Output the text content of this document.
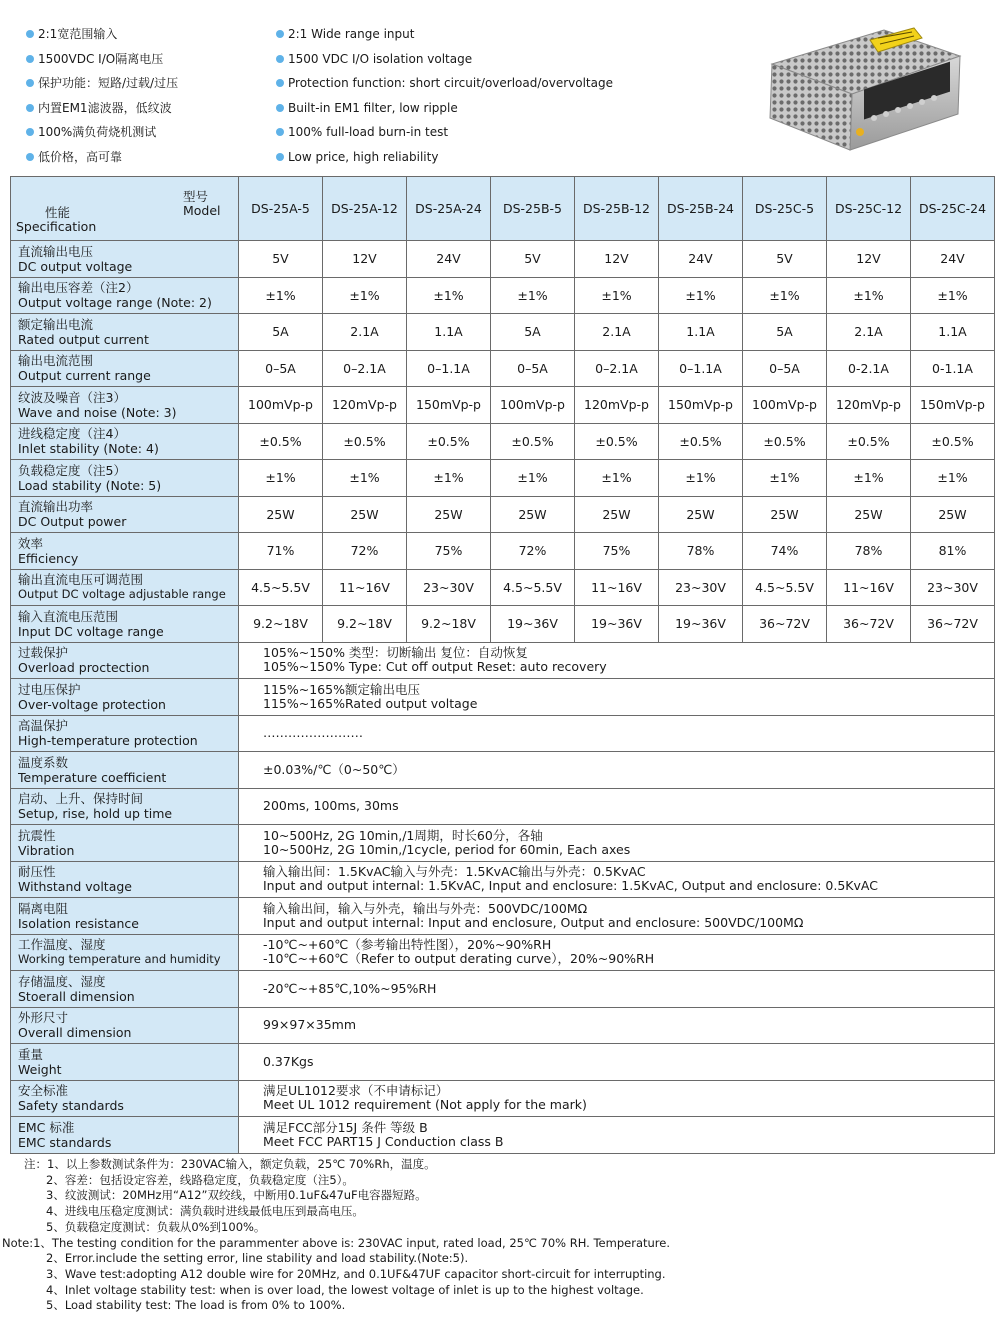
2:1宽范围输入
1500VDC I/O隔离电压
保护功能：短路/过载/过压
内置EM1滤波器，低纹波
100%满负荷烧机测试
低价格，高可靠
2:1 Wide range input
1500 VDC I/O isolation voltage
Protection function: short circuit/overload/overvoltage
Built-in EM1 filter, low ripple
100% full-load burn-in test
Low price, high reliability
型号
Model
性能
Specification	DS-25A-5	DS-25A-12	DS-25A-24	DS-25B-5	DS-25B-12	DS-25B-24	DS-25C-5	DS-25C-12	DS-25C-24

直流输出电压
DC output voltage	5V	12V	24V	5V	12V	24V	5V	12V	24V

输出电压容差（注2）
Output voltage range (Note: 2)	±1%	±1%	±1%	±1%	±1%	±1%	±1%	±1%	±1%

额定输出电流
Rated output current	5A	2.1A	1.1A	5A	2.1A	1.1A	5A	2.1A	1.1A

输出电流范围
Output current range	0–5A	0–2.1A	0–1.1A	0–5A	0–2.1A	0–1.1A	0–5A	0-2.1A	0-1.1A

纹波及噪音（注3）
Wave and noise (Note: 3)	100mVp-p	120mVp-p	150mVp-p	100mVp-p	120mVp-p	150mVp-p	100mVp-p	120mVp-p	150mVp-p

进线稳定度（注4）
Inlet stability (Note: 4)	±0.5%	±0.5%	±0.5%	±0.5%	±0.5%	±0.5%	±0.5%	±0.5%	±0.5%

负载稳定度（注5）
Load stability (Note: 5)	±1%	±1%	±1%	±1%	±1%	±1%	±1%	±1%	±1%

直流输出功率
DC Output power	25W	25W	25W	25W	25W	25W	25W	25W	25W

效率
Efficiency	71%	72%	75%	72%	75%	78%	74%	78%	81%

输出直流电压可调范围
Output DC voltage adjustable range	4.5~5.5V	11~16V	23~30V	4.5~5.5V	11~16V	23~30V	4.5~5.5V	11~16V	23~30V

输入直流电压范围
Input DC voltage range	9.2~18V	9.2~18V	9.2~18V	19~36V	19~36V	19~36V	36~72V	36~72V	36~72V

过载保护
Overload proctection	105%~150% 类型：切断输出 复位：自动恢复
105%~150% Type: Cut off output Reset: auto recovery								

过电压保护
Over-voltage protection	115%~165%额定输出电压
115%~165%Rated output voltage								

高温保护
High-temperature protection	……………………								

温度系数
Temperature coefficient	±0.03%/℃（0~50℃）								

启动、上升、保持时间
Setup, rise, hold up time	200ms, 100ms, 30ms								

抗震性
Vibration	10~500Hz, 2G 10min,/1周期，时长60分，各轴
10~500Hz, 2G 10min,/1cycle, period for 60min, Each axes								

耐压性
Withstand voltage	输入输出间：1.5KvAC输入与外壳：1.5KvAC输出与外壳：0.5KvAC
Input and output internal: 1.5KvAC, Input and enclosure: 1.5KvAC, Output and enclosure: 0.5KvAC								

隔离电阻
Isolation resistance	输入输出间，输入与外壳，输出与外壳：500VDC/100MΩ
Input and output internal: Input and enclosure, Output and enclosure: 500VDC/100MΩ								

工作温度、湿度
Working temperature and humidity	-10℃~+60℃（参考输出特性图），20%~90%RH
-10℃~+60℃（Refer to output derating curve），20%~90%RH								

存储温度、湿度
Stoerall dimension	-20℃~+85℃,10%~95%RH								

外形尺寸
Overall dimension	99×97×35mm								

重量
Weight	0.37Kgs								

安全标准
Safety standards	满足UL1012要求（不申请标记）
Meet UL 1012 requirement (Not apply for the mark)								

EMC 标准
EMC standards	满足FCC部分15J 条件 等级 B
Meet FCC PART15 J Conduction class B								
注：1、以上参数测试条件为：230VAC输入，额定负载，25℃ 70%Rh，温度。
2、容差：包括设定容差，线路稳定度，负载稳定度（注5）。
3、纹波测试：20MHz用“A12”双绞线，中断用0.1uF&47uF电容器短路。
4、进线电压稳定度测试：满负载时进线最低电压到最高电压。
5、负载稳定度测试：负载从0%到100%。
Note:1、The testing condition for the parammenter above is: 230VAC input, rated load, 25℃ 70% RH. Temperature.
2、Error.include the setting error, line stability and load stability.(Note:5).
3、Wave test:adopting A12 double wire for 20MHz, and 0.1UF&47UF capacitor short-circuit for interrupting.
4、Inlet voltage stability test: when is over load, the lowest voltage of inlet is up to the highest voltage.
5、Load stability test: The load is from 0% to 100%.
